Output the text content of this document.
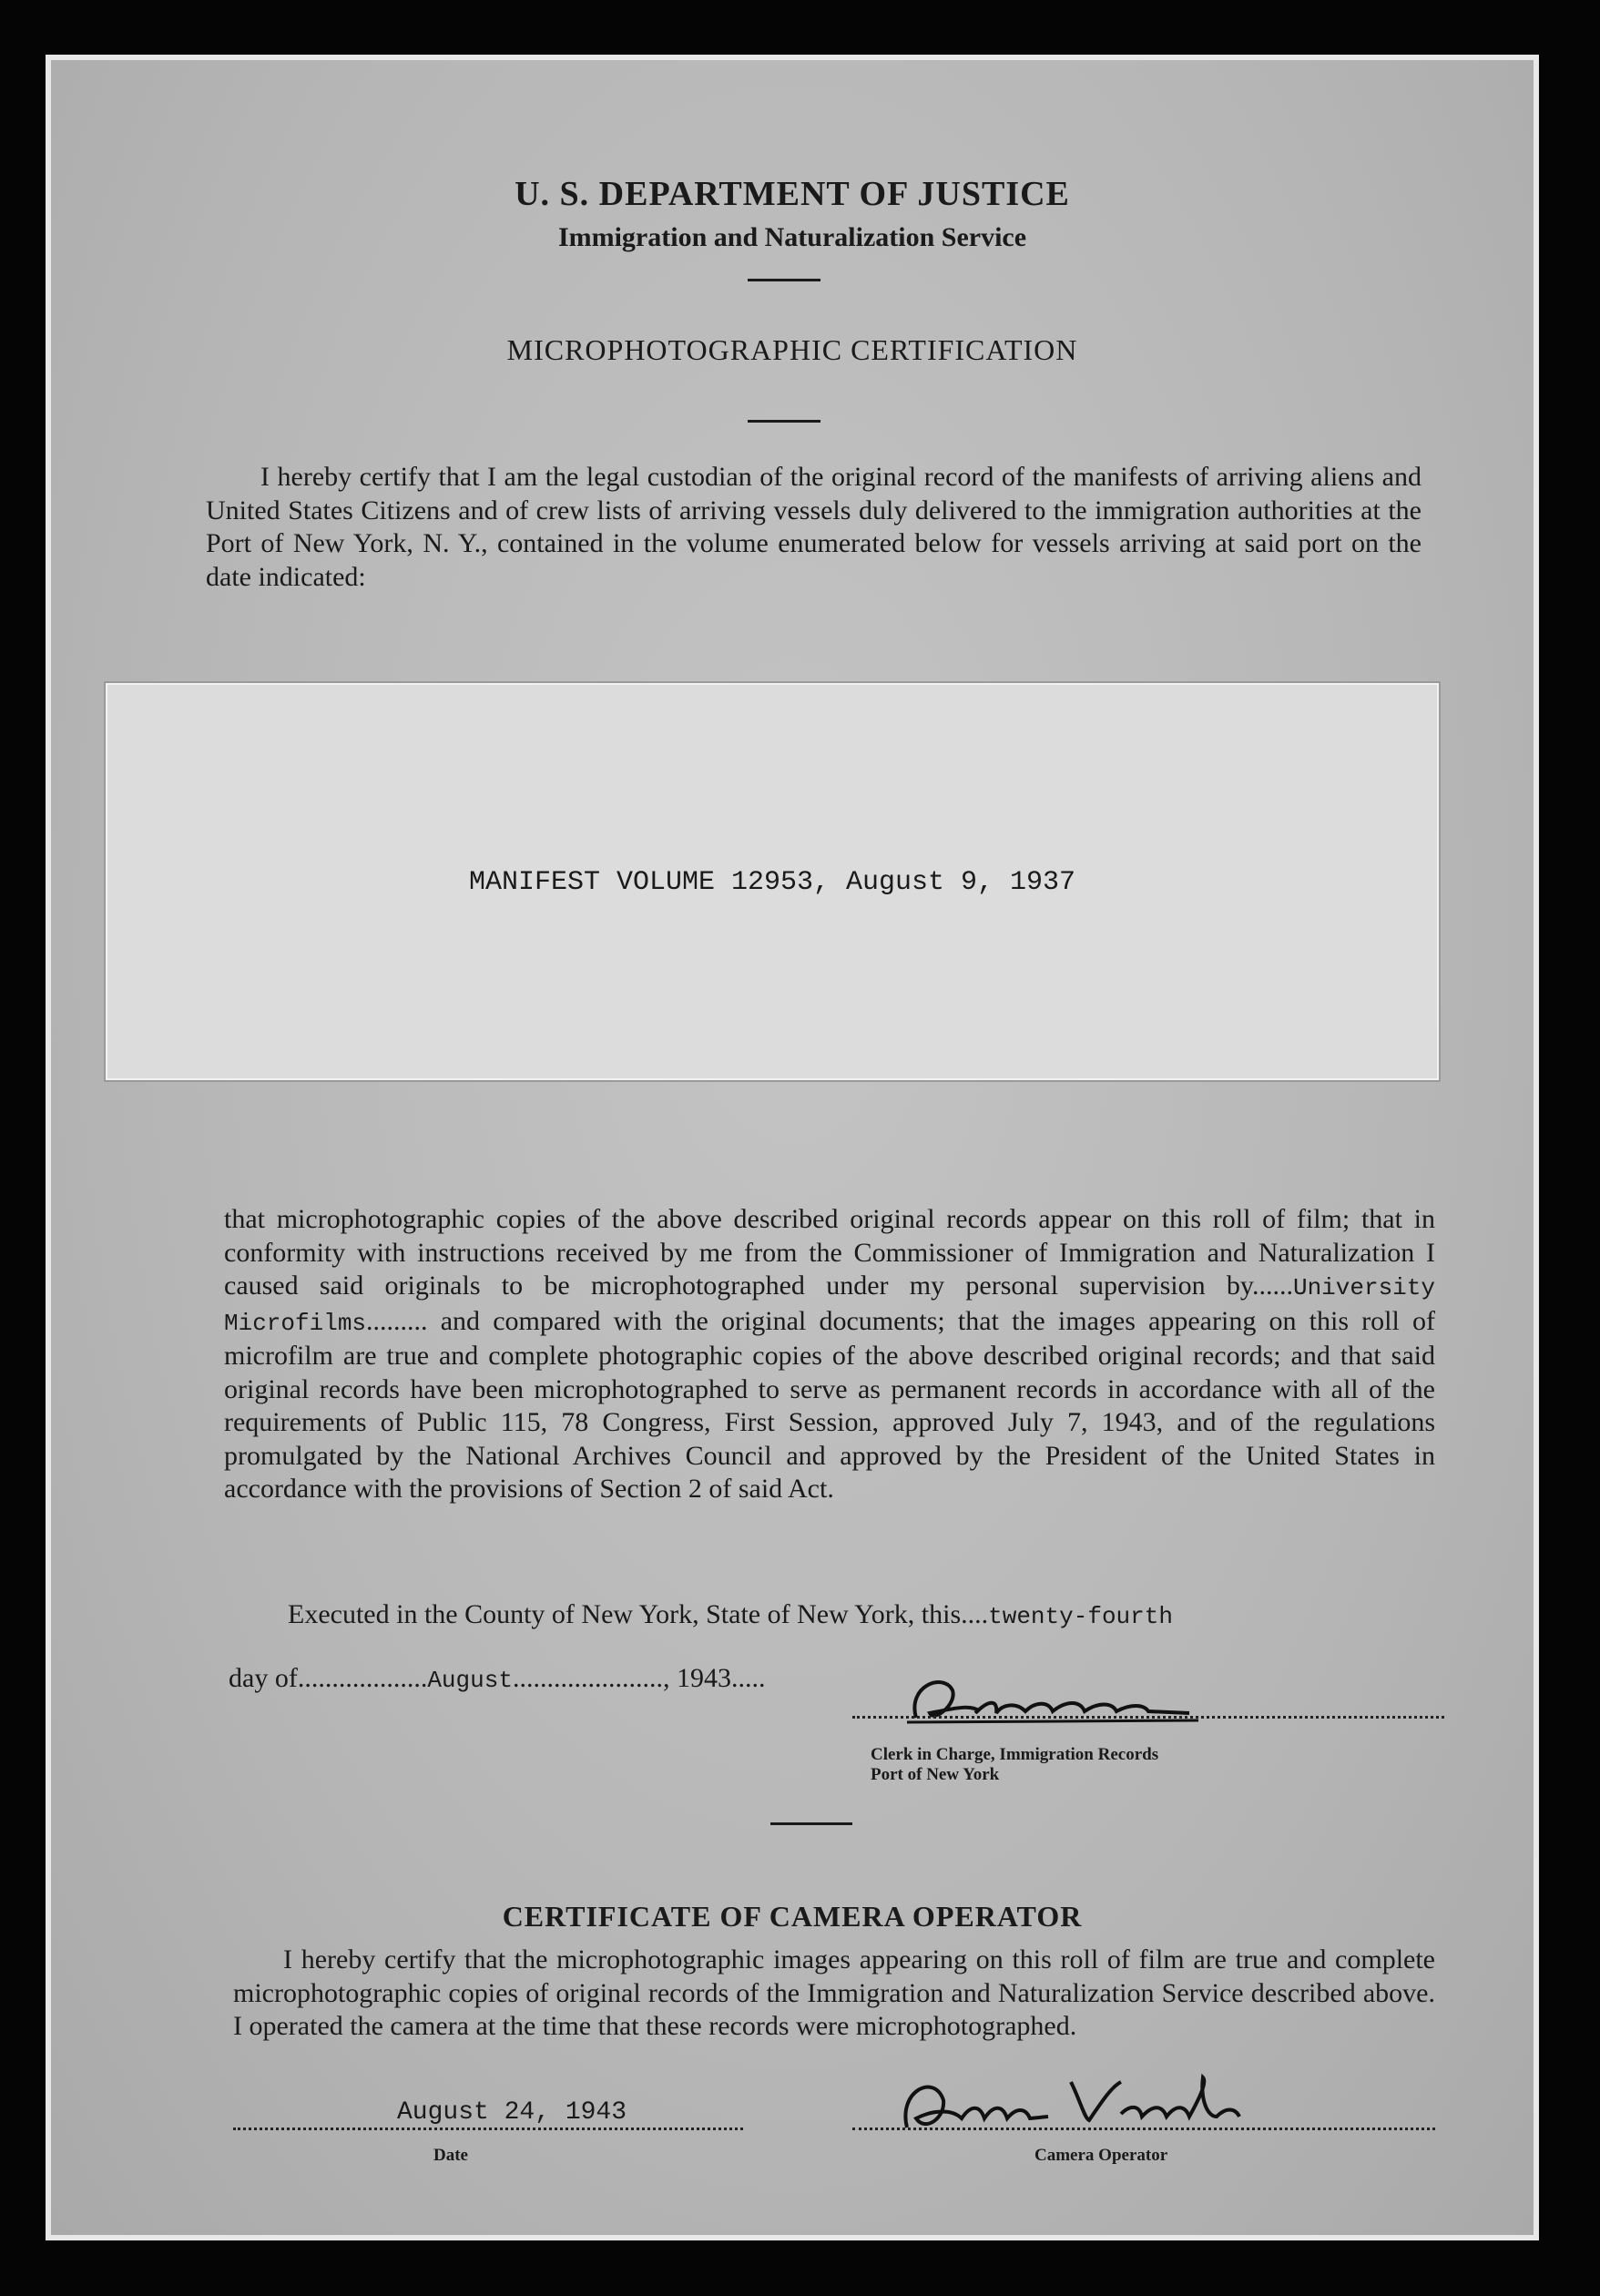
U. S. DEPARTMENT OF JUSTICE
Immigration and Naturalization Service
MICROPHOTOGRAPHIC CERTIFICATION
I hereby certify that I am the legal custodian of the original record of the manifests of arriving aliens and United States Citizens and of crew lists of arriving vessels duly delivered to the immigration authorities at the Port of New York, N. Y., contained in the volume enumerated below for vessels arriving at said port on the date indicated:
MANIFEST VOLUME 12953, August 9, 1937
that microphotographic copies of the above described original records appear on this roll of film; that in conformity with instructions received by me from the Commissioner of Immigration and Naturalization I caused said originals to be microphotographed under my personal supervision by......University Microfilms......... and compared with the original documents; that the images appearing on this roll of microfilm are true and complete photographic copies of the above described original records; and that said original records have been microphotographed to serve as permanent records in accordance with all of the requirements of Public 115, 78 Congress, First Session, approved July 7, 1943, and of the regulations promulgated by the National Archives Council and approved by the President of the United States in accordance with the provisions of Section 2 of said Act.
Executed in the County of New York, State of New York, this....twenty-fourth
day of...................August......................, 1943.....
Clerk in Charge, Immigration Records
Port of New York
CERTIFICATE OF CAMERA OPERATOR
I hereby certify that the microphotographic images appearing on this roll of film are true and complete microphotographic copies of original records of the Immigration and Naturalization Service described above. I operated the camera at the time that these records were microphotographed.
August 24, 1943
Date	Camera Operator
